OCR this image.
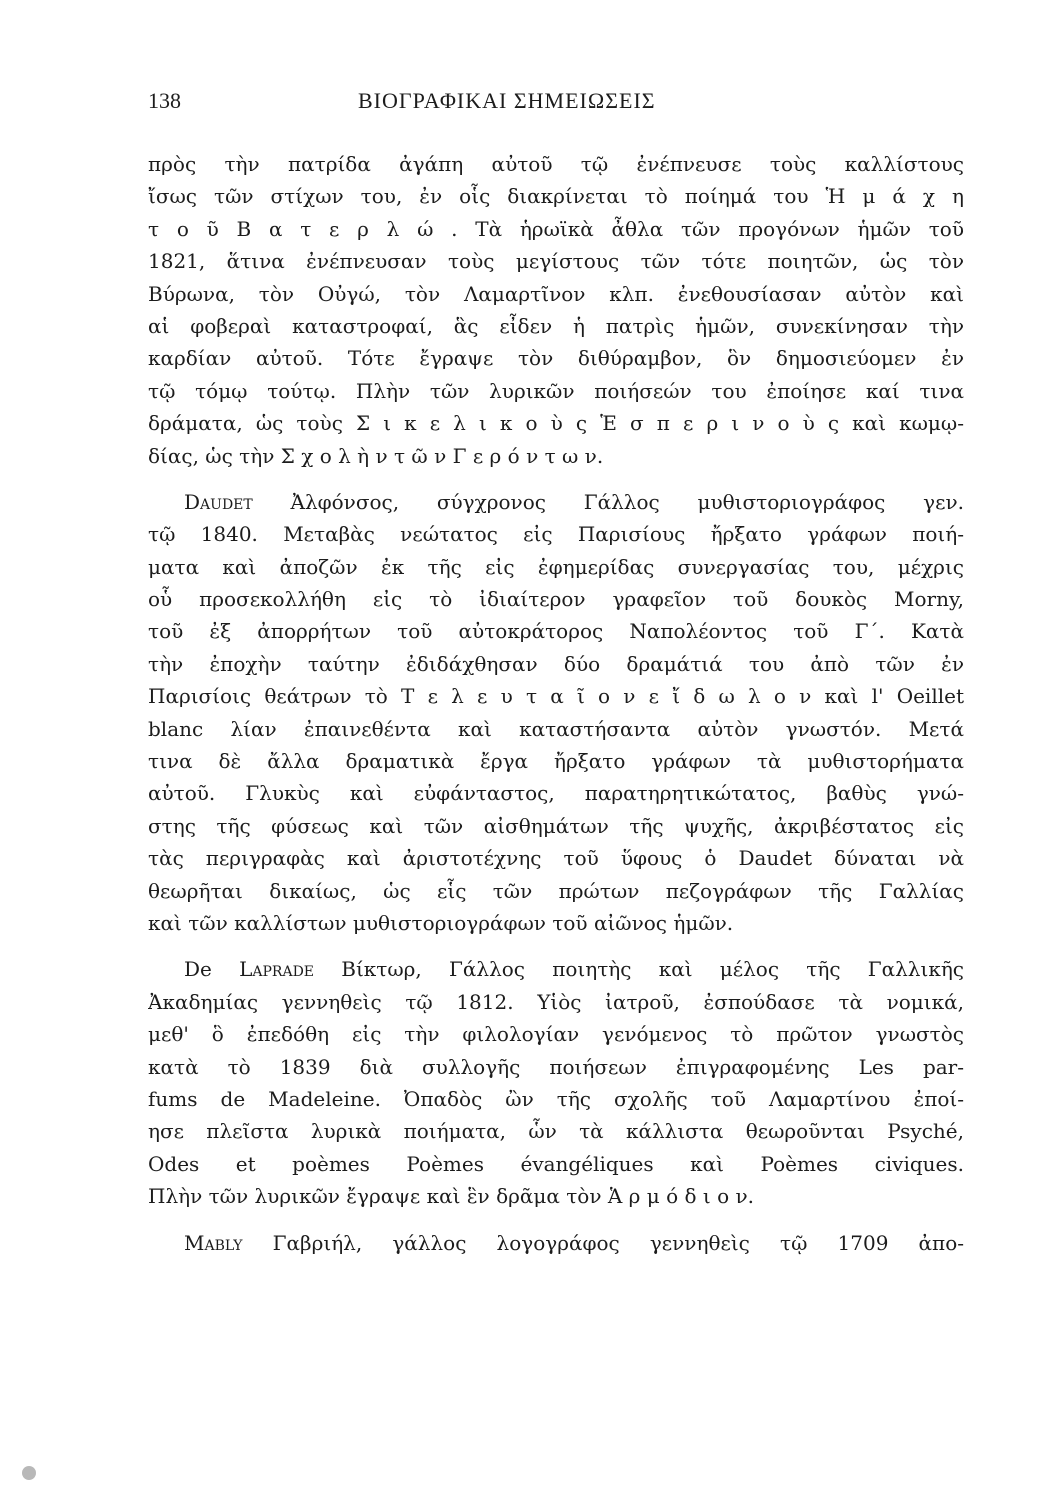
138	ΒΙΟΓΡΑΦΙΚΑΙ ΣΗΜΕΙΩΣΕΙΣ
πρὸς τὴν πατρίδα ἀγάπη αὐτοῦ τῷ ἐνέπνευσε τοὺς καλλίστους
ἴσως τῶν στίχων του, ἐν οἷς διακρίνεται τὸ ποίημά του Ἡ μ ά χ η
τ ο ῦ Β α τ ε ρ λ ώ . Τὰ ἡρωϊκὰ ἆθλα τῶν προγόνων ἡμῶν τοῦ
1821, ἅτινα ἐνέπνευσαν τοὺς μεγίστους τῶν τότε ποιητῶν, ὡς τὸν
Βύρωνα, τὸν Οὐγώ, τὸν Λαμαρτῖνον κλπ. ἐνεθουσίασαν αὐτὸν καὶ
αἱ φοβεραὶ καταστροφαί, ἃς εἶδεν ἡ πατρὶς ἡμῶν, συνεκίνησαν τὴν
καρδίαν αὐτοῦ. Τότε ἔγραψε τὸν διθύραμβον, ὃν δημοσιεύομεν ἐν
τῷ τόμῳ τούτῳ. Πλὴν τῶν λυρικῶν ποιήσεών του ἐποίησε καί τινα
δράματα, ὡς τοὺς Σ ι κ ε λ ι κ ο ὺ ς Ἑ σ π ε ρ ι ν ο ὺ ς καὶ κωμῳ-
δίας, ὡς τὴν Σ χ ο λ ὴ ν τ ῶ ν Γ ε ρ ό ν τ ω ν.
Daudet Ἀλφόνσος, σύγχρονος Γάλλος μυθιστοριογράφος γεν.
τῷ 1840. Μεταβὰς νεώτατος εἰς Παρισίους ἤρξατο γράφων ποιή-
ματα καὶ ἀποζῶν ἐκ τῆς εἰς ἐφημερίδας συνεργασίας του, μέχρις
οὗ προσεκολλήθη εἰς τὸ ἰδιαίτερον γραφεῖον τοῦ δουκὸς Morny,
τοῦ ἐξ ἀπορρήτων τοῦ αὐτοκράτορος Ναπολέοντος τοῦ Γ΄. Κατὰ
τὴν ἐποχὴν ταύτην ἐδιδάχθησαν δύο δραμάτιά του ἀπὸ τῶν ἐν
Παρισίοις θεάτρων τὸ Τ ε λ ε υ τ α ῖ ο ν ε ἴ δ ω λ ο ν καὶ l' Oeillet
blanc λίαν ἐπαινεθέντα καὶ καταστήσαντα αὐτὸν γνωστόν. Μετά
τινα δὲ ἄλλα δραματικὰ ἔργα ἤρξατο γράφων τὰ μυθιστορήματα
αὐτοῦ. Γλυκὺς καὶ εὐφάνταστος, παρατηρητικώτατος, βαθὺς γνώ-
στης τῆς φύσεως καὶ τῶν αἰσθημάτων τῆς ψυχῆς, ἀκριβέστατος εἰς
τὰς περιγραφὰς καὶ ἀριστοτέχνης τοῦ ὕφους ὁ Daudet δύναται νὰ
θεωρῆται δικαίως, ὡς εἷς τῶν πρώτων πεζογράφων τῆς Γαλλίας
καὶ τῶν καλλίστων μυθιστοριογράφων τοῦ αἰῶνος ἡμῶν.
De Laprade Βίκτωρ, Γάλλος ποιητὴς καὶ μέλος τῆς Γαλλικῆς
Ἀκαδημίας γεννηθεὶς τῷ 1812. Υἱὸς ἰατροῦ, ἐσπούδασε τὰ νομικά,
μεθ' ὃ ἐπεδόθη εἰς τὴν φιλολογίαν γενόμενος τὸ πρῶτον γνωστὸς
κατὰ τὸ 1839 διὰ συλλογῆς ποιήσεων ἐπιγραφομένης Les par-
fums de Madeleine. Ὀπαδὸς ὢν τῆς σχολῆς τοῦ Λαμαρτίνου ἐποί-
ησε πλεῖστα λυρικὰ ποιήματα, ὧν τὰ κάλλιστα θεωροῦνται Psyché,
Odes et poèmes Poèmes évangéliques καὶ Poèmes civiques.
Πλὴν τῶν λυρικῶν ἔγραψε καὶ ἓν δρᾶμα τὸν Ἁ ρ μ ό δ ι ο ν.
Mably Γαβριήλ, γάλλος λογογράφος γεννηθεὶς τῷ 1709 ἀπο-
